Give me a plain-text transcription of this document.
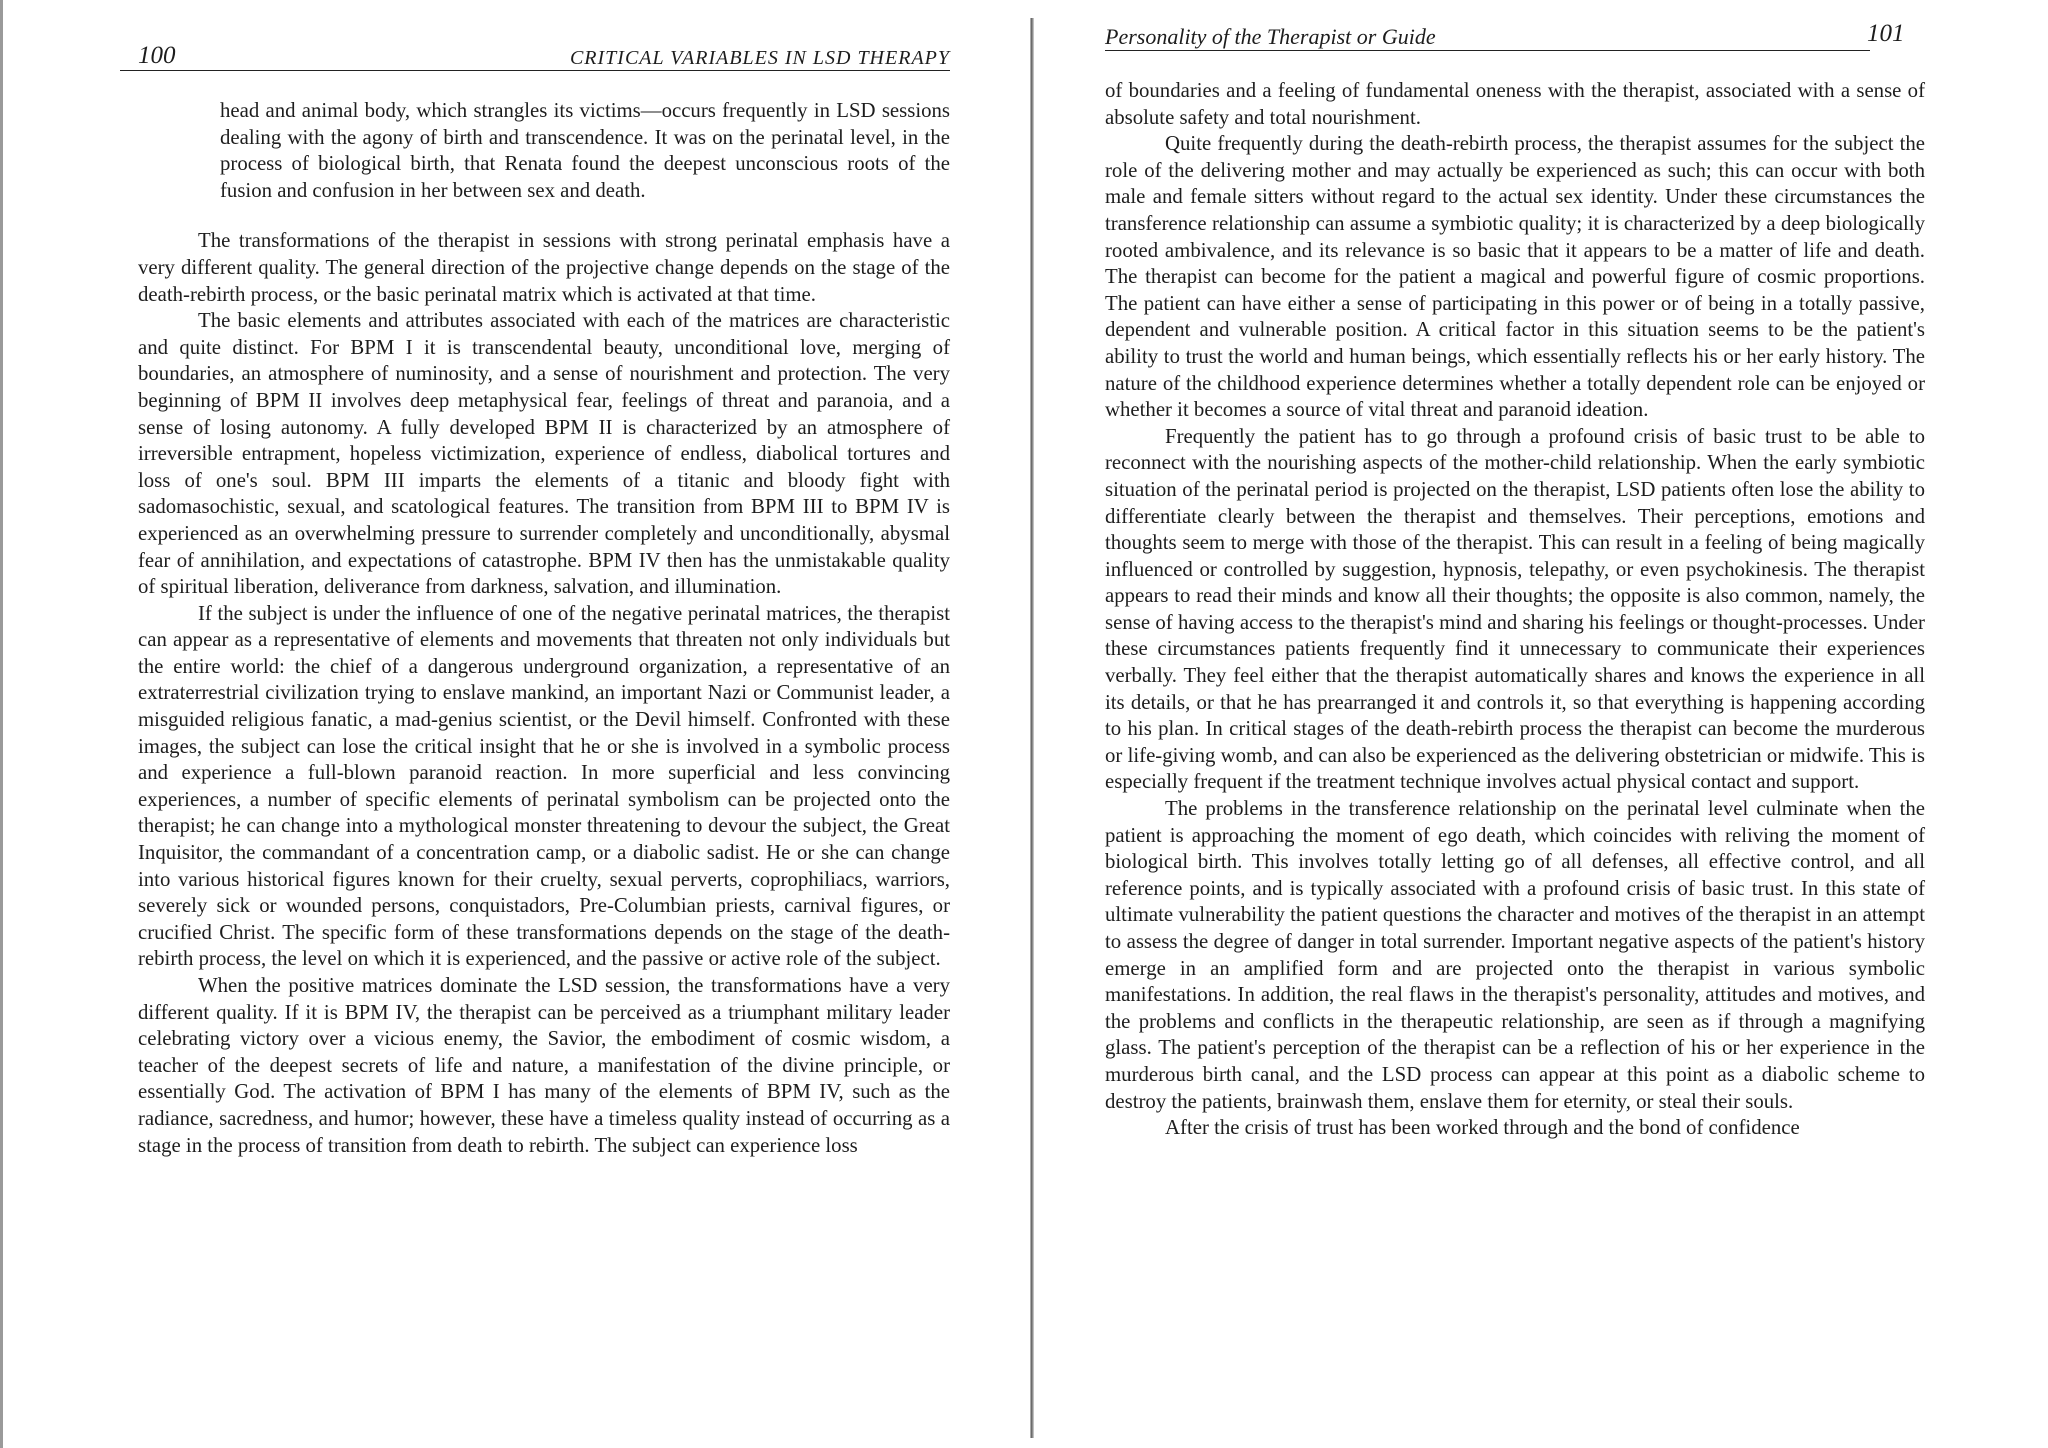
100	CRITICAL VARIABLES IN LSD THERAPY

head and animal body, which strangles its victims—occurs frequently in LSD sessions dealing with the agony of birth and transcendence. It was on the perinatal level, in the process of biological birth, that Renata found the deepest unconscious roots of the fusion and confusion in her between sex and death.

The transformations of the therapist in sessions with strong perinatal emphasis have a very different quality. The general direction of the projective change depends on the stage of the death-rebirth process, or the basic perinatal matrix which is activated at that time.

The basic elements and attributes associated with each of the matrices are characteristic and quite distinct. For BPM I it is transcendental beauty, unconditional love, merging of boundaries, an atmosphere of numinosity, and a sense of nourishment and protection. The very beginning of BPM II involves deep metaphysical fear, feelings of threat and paranoia, and a sense of losing autonomy. A fully developed BPM II is characterized by an atmosphere of irreversible entrapment, hopeless victimization, experience of endless, diabolical tortures and loss of one's soul. BPM III imparts the elements of a titanic and bloody fight with sadomasochistic, sexual, and scatological features. The transition from BPM III to BPM IV is experienced as an overwhelming pressure to surrender completely and unconditionally, abysmal fear of annihilation, and expectations of catastrophe. BPM IV then has the unmistakable quality of spiritual liberation, deliverance from darkness, salvation, and illumination.

If the subject is under the influence of one of the negative perinatal matrices, the therapist can appear as a representative of elements and movements that threaten not only individuals but the entire world: the chief of a dangerous underground organization, a representative of an extraterrestrial civilization trying to enslave mankind, an important Nazi or Communist leader, a misguided religious fanatic, a mad-genius scientist, or the Devil himself. Confronted with these images, the subject can lose the critical insight that he or she is involved in a symbolic process and experience a full-blown paranoid reaction. In more superficial and less convincing experiences, a number of specific elements of perinatal symbolism can be projected onto the therapist; he can change into a mythological monster threatening to devour the subject, the Great Inquisitor, the commandant of a concentration camp, or a diabolic sadist. He or she can change into various historical figures known for their cruelty, sexual perverts, coprophiliacs, warriors, severely sick or wounded persons, conquistadors, Pre-Columbian priests, carnival figures, or crucified Christ. The specific form of these transformations depends on the stage of the death-rebirth process, the level on which it is experienced, and the passive or active role of the subject.

When the positive matrices dominate the LSD session, the transformations have a very different quality. If it is BPM IV, the therapist can be perceived as a triumphant military leader celebrating victory over a vicious enemy, the Savior, the embodiment of cosmic wisdom, a teacher of the deepest secrets of life and nature, a manifestation of the divine principle, or essentially God. The activation of BPM I has many of the elements of BPM IV, such as the radiance, sacredness, and humor; however, these have a timeless quality instead of occurring as a stage in the process of transition from death to rebirth. The subject can experience loss

Personality of the Therapist or Guide	101

of boundaries and a feeling of fundamental oneness with the therapist, associated with a sense of absolute safety and total nourishment.

Quite frequently during the death-rebirth process, the therapist assumes for the subject the role of the delivering mother and may actually be experienced as such; this can occur with both male and female sitters without regard to the actual sex identity. Under these circumstances the transference relationship can assume a symbiotic quality; it is characterized by a deep biologically rooted ambivalence, and its relevance is so basic that it appears to be a matter of life and death. The therapist can become for the patient a magical and powerful figure of cosmic proportions. The patient can have either a sense of participating in this power or of being in a totally passive, dependent and vulnerable position. A critical factor in this situation seems to be the patient's ability to trust the world and human beings, which essentially reflects his or her early history. The nature of the childhood experience determines whether a totally dependent role can be enjoyed or whether it becomes a source of vital threat and paranoid ideation.

Frequently the patient has to go through a profound crisis of basic trust to be able to reconnect with the nourishing aspects of the mother-child relationship. When the early symbiotic situation of the perinatal period is projected on the therapist, LSD patients often lose the ability to differentiate clearly between the therapist and themselves. Their perceptions, emotions and thoughts seem to merge with those of the therapist. This can result in a feeling of being magically influenced or controlled by suggestion, hypnosis, telepathy, or even psychokinesis. The therapist appears to read their minds and know all their thoughts; the opposite is also common, namely, the sense of having access to the therapist's mind and sharing his feelings or thought-processes. Under these circumstances patients frequently find it unnecessary to communicate their experiences verbally. They feel either that the therapist automatically shares and knows the experience in all its details, or that he has prearranged it and controls it, so that everything is happening according to his plan. In critical stages of the death-rebirth process the therapist can become the murderous or life-giving womb, and can also be experienced as the delivering obstetrician or midwife. This is especially frequent if the treatment technique involves actual physical contact and support.

The problems in the transference relationship on the perinatal level culminate when the patient is approaching the moment of ego death, which coincides with reliving the moment of biological birth. This involves totally letting go of all defenses, all effective control, and all reference points, and is typically associated with a profound crisis of basic trust. In this state of ultimate vulnerability the patient questions the character and motives of the therapist in an attempt to assess the degree of danger in total surrender. Important negative aspects of the patient's history emerge in an amplified form and are projected onto the therapist in various symbolic manifestations. In addition, the real flaws in the therapist's personality, attitudes and motives, and the problems and conflicts in the therapeutic relationship, are seen as if through a magnifying glass. The patient's perception of the therapist can be a reflection of his or her experience in the murderous birth canal, and the LSD process can appear at this point as a diabolic scheme to destroy the patients, brainwash them, enslave them for eternity, or steal their souls.

After the crisis of trust has been worked through and the bond of confidence
